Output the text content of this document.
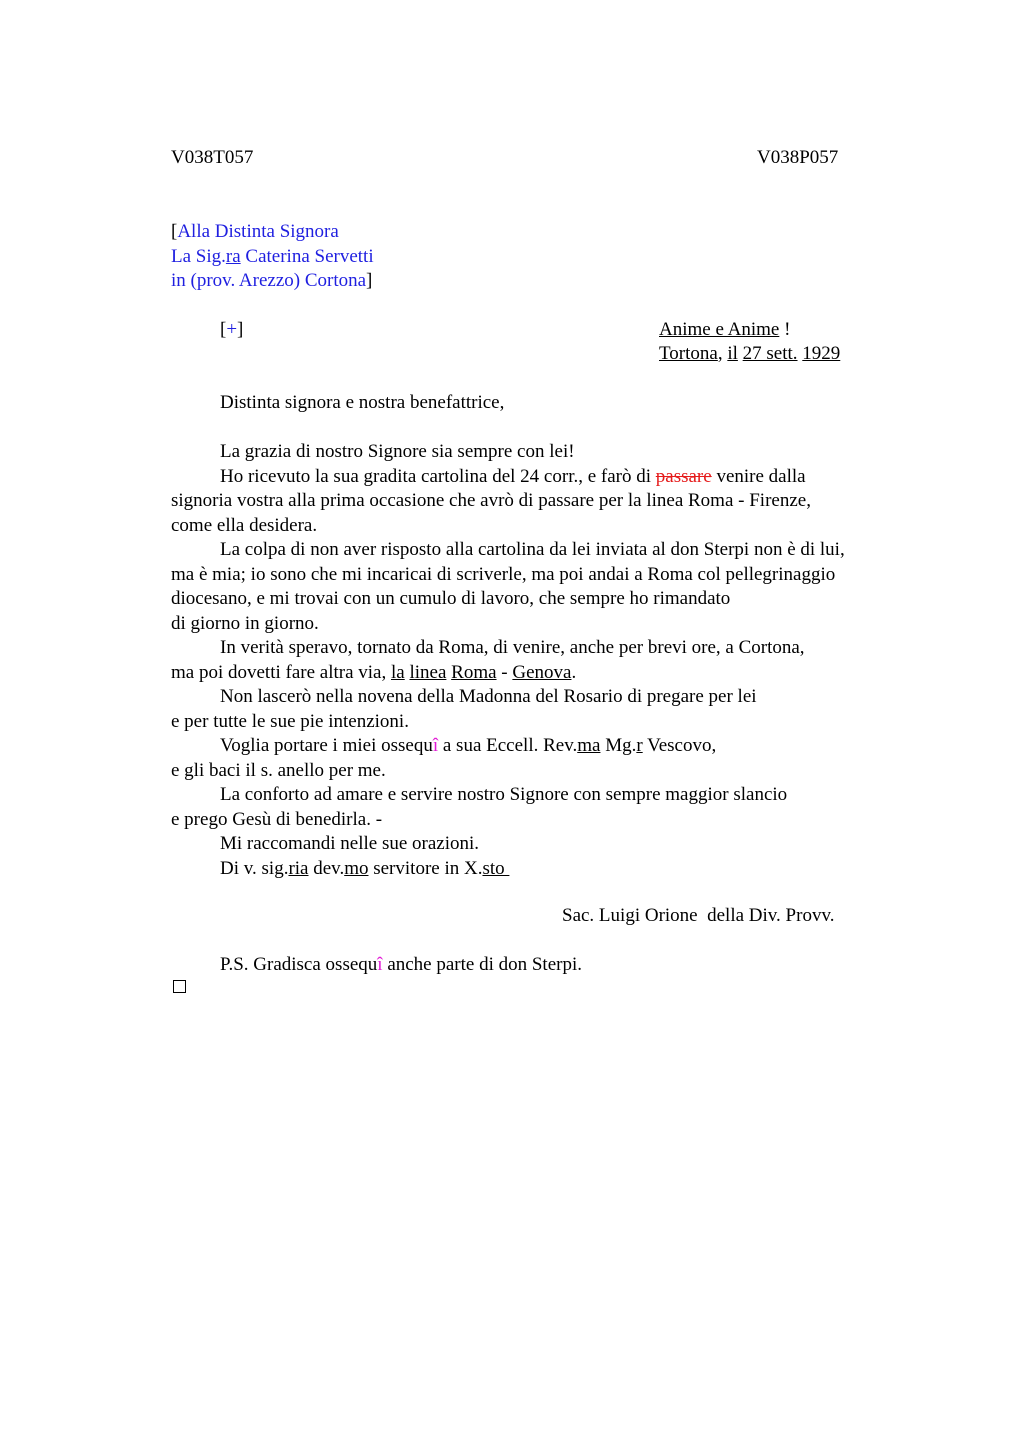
V038T057	V038P057
[Alla Distinta Signora
La Sig.ra Caterina Servetti
in (prov. Arezzo) Cortona]
[+]	Anime e Anime !
Tortona, il 27 sett. 1929
Distinta signora e nostra benefattrice,
La grazia di nostro Signore sia sempre con lei!
Ho ricevuto la sua gradita cartolina del 24 corr., e farò di passare venire dalla
signoria vostra alla prima occasione che avrò di passare per la linea Roma - Firenze,
come ella desidera.
La colpa di non aver risposto alla cartolina da lei inviata al don Sterpi non è di lui,
ma è mia; io sono che mi incaricai di scriverle, ma poi andai a Roma col pellegrinaggio
diocesano, e mi trovai con un cumulo di lavoro, che sempre ho rimandato
di giorno in giorno.
In verità speravo, tornato da Roma, di venire, anche per brevi ore, a Cortona,
ma poi dovetti fare altra via, la linea Roma - Genova.
Non lascerò nella novena della Madonna del Rosario di pregare per lei
e per tutte le sue pie intenzioni.
Voglia portare i miei ossequî a sua Eccell. Rev.ma Mg.r Vescovo,
e gli baci il s. anello per me.
La conforto ad amare e servire nostro Signore con sempre maggior slancio
e prego Gesù di benedirla. -
Mi raccomandi nelle sue orazioni.
Di v. sig.ria dev.mo servitore in X.sto
Sac. Luigi Orione  della Div. Provv.
P.S. Gradisca ossequî anche parte di don Sterpi.
